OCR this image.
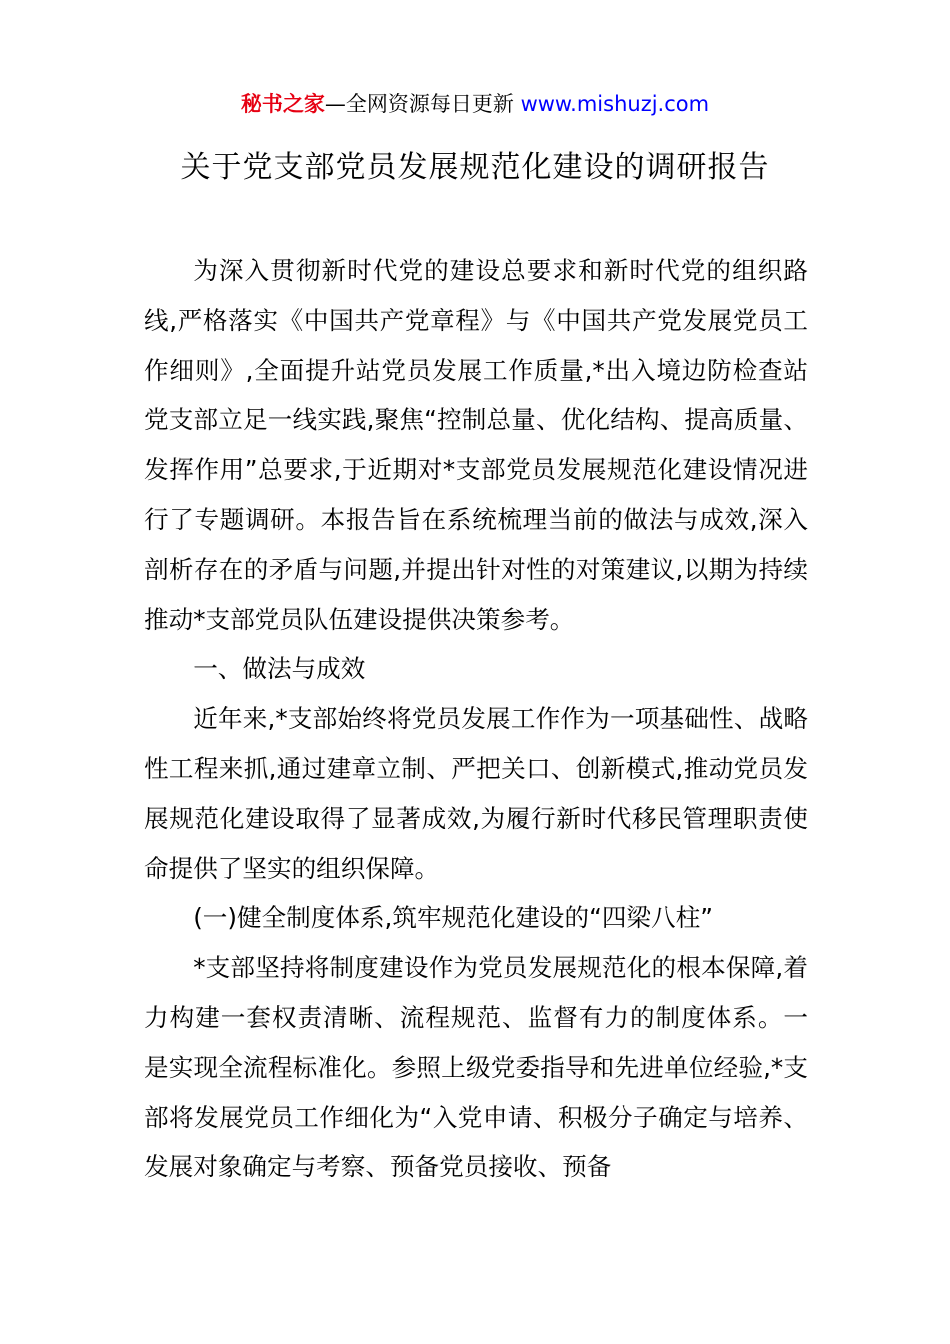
秘书之家—全网资源每日更新 www.mishuzj.com
关于党支部党员发展规范化建设的调研报告

为深入贯彻新时代党的建设总要求和新时代党的组织路线,严格落实《中国共产党章程》与《中国共产党发展党员工作细则》,全面提升站党员发展工作质量,*出入境边防检查站党支部立足一线实践,聚焦“控制总量、优化结构、提高质量、发挥作用”总要求,于近期对*支部党员发展规范化建设情况进行了专题调研。本报告旨在系统梳理当前的做法与成效,深入剖析存在的矛盾与问题,并提出针对性的对策建议,以期为持续推动*支部党员队伍建设提供决策参考。

一、做法与成效

近年来,*支部始终将党员发展工作作为一项基础性、战略性工程来抓,通过建章立制、严把关口、创新模式,推动党员发展规范化建设取得了显著成效,为履行新时代移民管理职责使命提供了坚实的组织保障。

(一)健全制度体系,筑牢规范化建设的“四梁八柱”

*支部坚持将制度建设作为党员发展规范化的根本保障,着力构建一套权责清晰、流程规范、监督有力的制度体系。一是实现全流程标准化。参照上级党委指导和先进单位经验,*支部将发展党员工作细化为“入党申请、积极分子确定与培养、发展对象确定与考察、预备党员接收、预备
